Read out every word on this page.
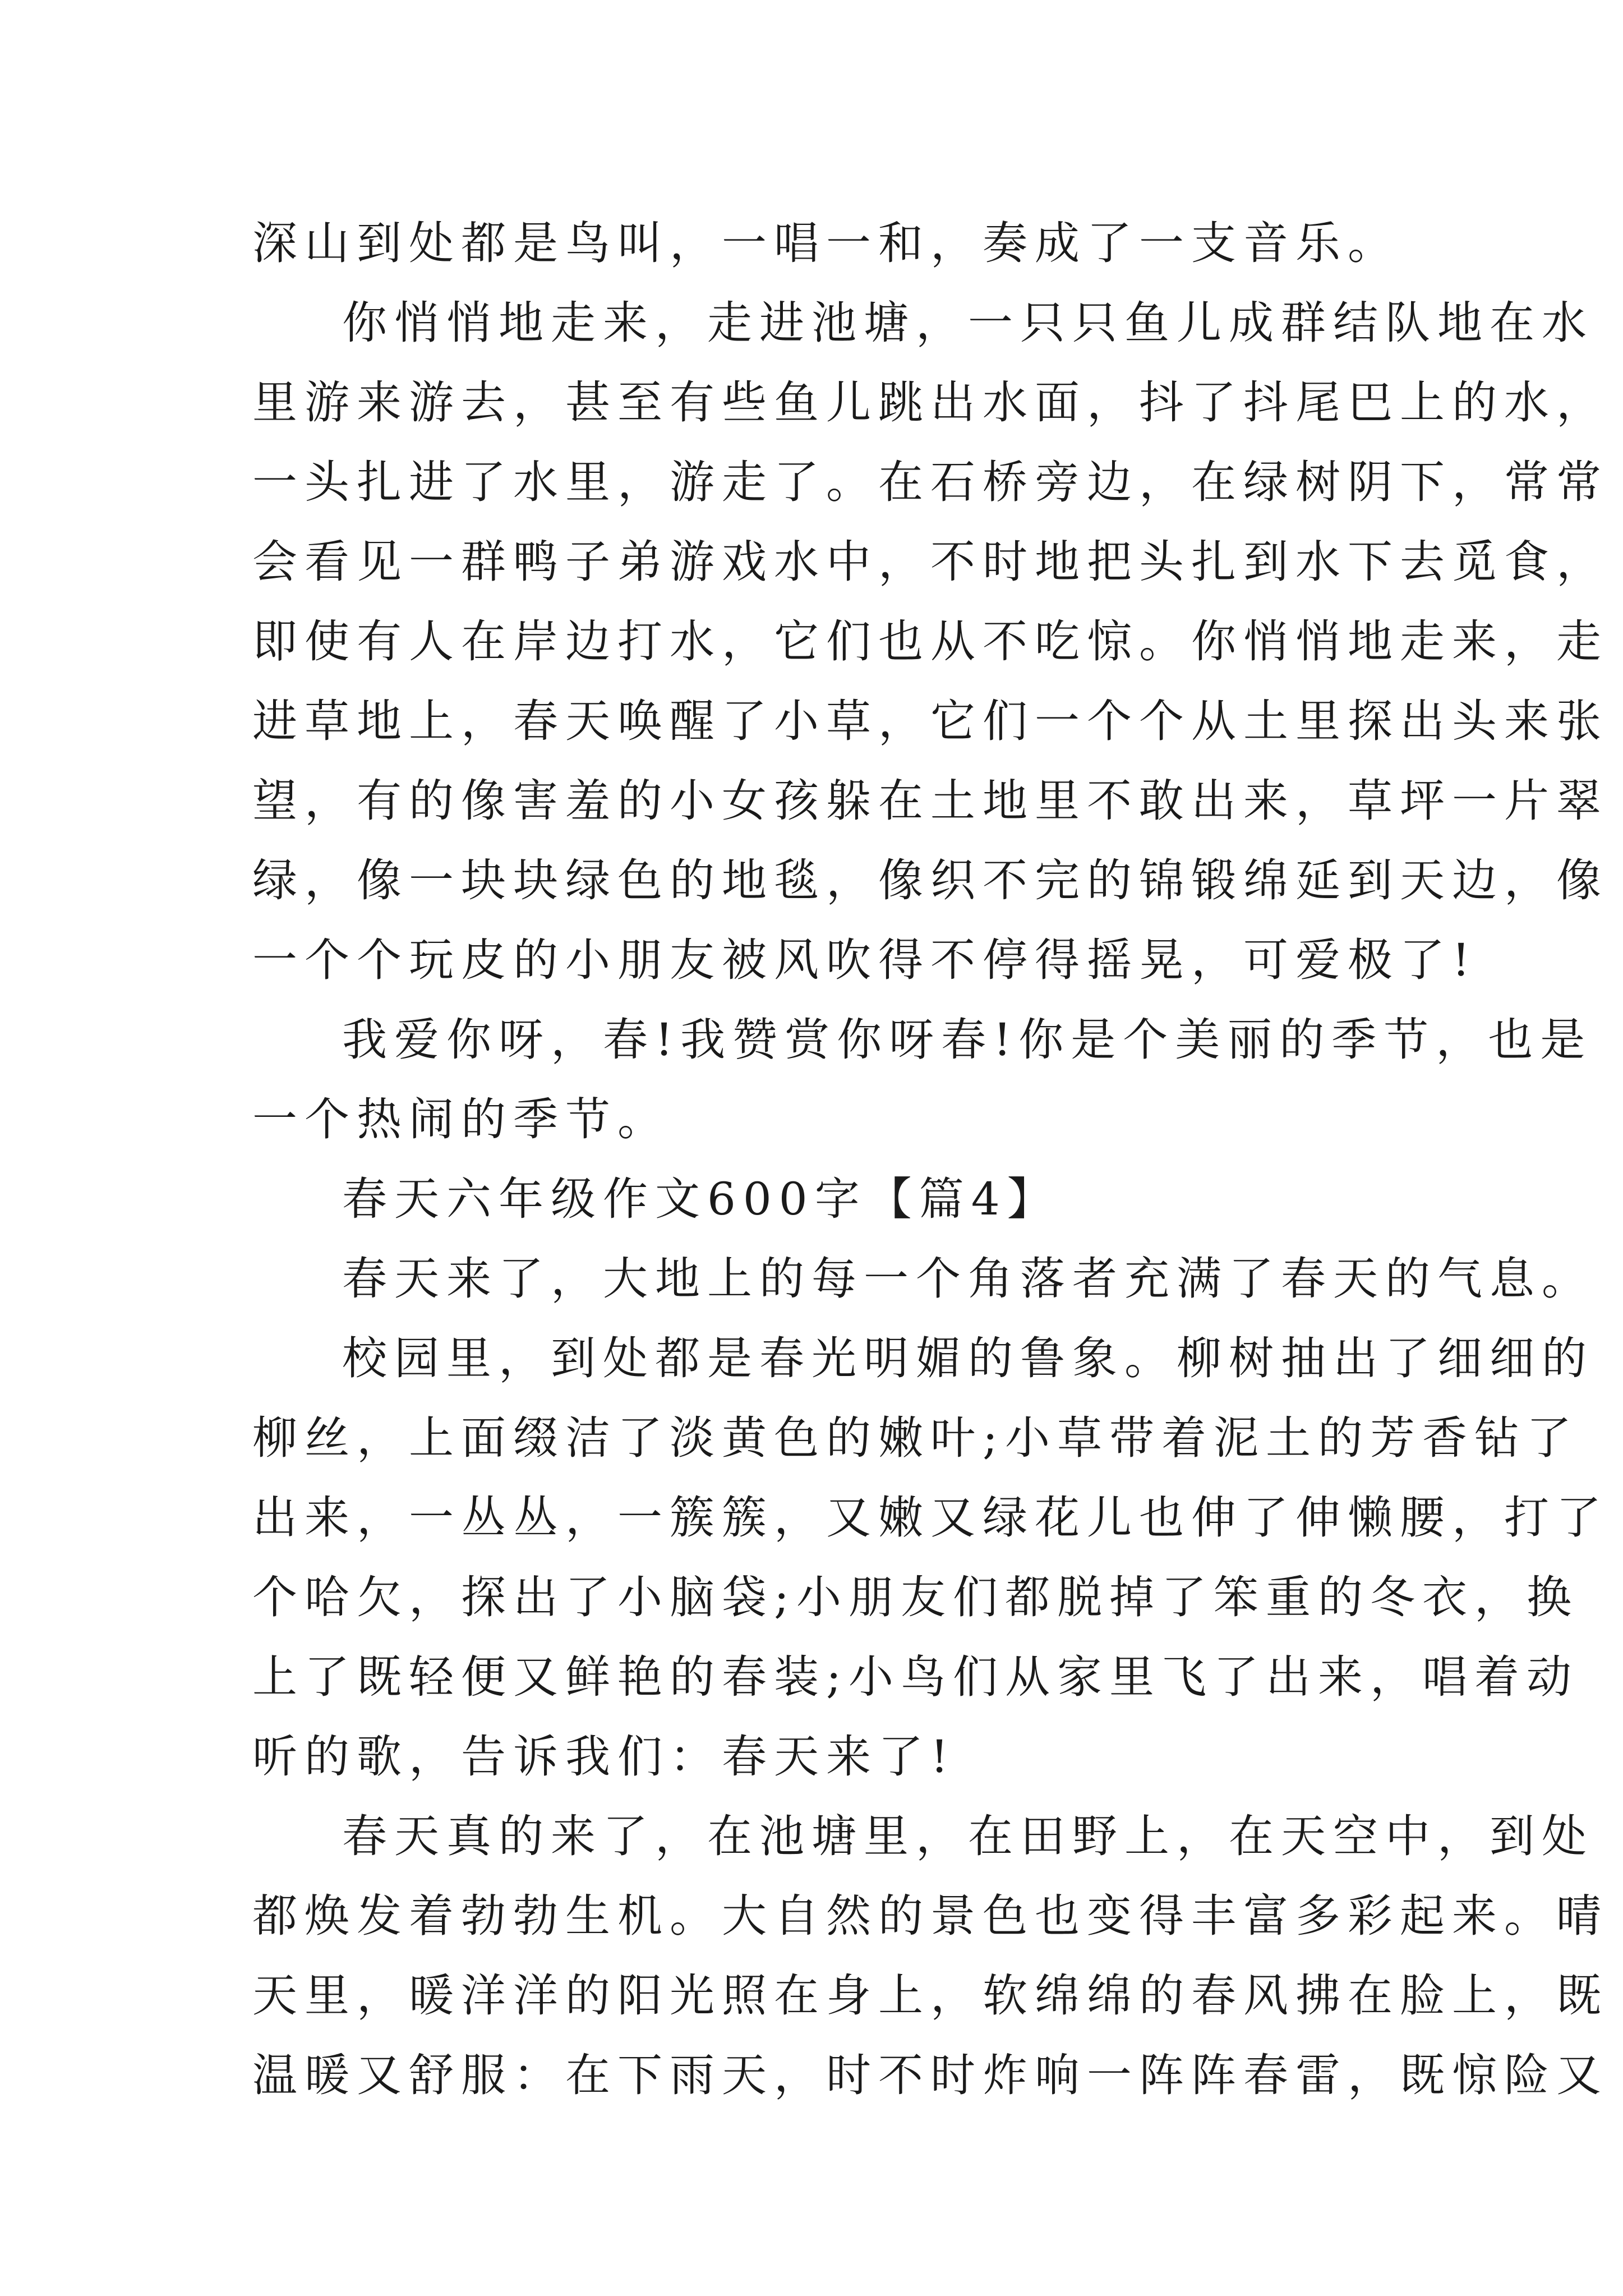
深山到处都是鸟叫，一唱一和，奏成了一支音乐。

你悄悄地走来，走进池塘，一只只鱼儿成群结队地在水

里游来游去，甚至有些鱼儿跳出水面，抖了抖尾巴上的水，

一头扎进了水里，游走了。在石桥旁边，在绿树阴下，常常

会看见一群鸭子弟游戏水中，不时地把头扎到水下去觅食，

即使有人在岸边打水，它们也从不吃惊。你悄悄地走来，走

进草地上，春天唤醒了小草，它们一个个从土里探出头来张

望，有的像害羞的小女孩躲在土地里不敢出来，草坪一片翠

绿，像一块块绿色的地毯，像织不完的锦锻绵延到天边，像

一个个玩皮的小朋友被风吹得不停得摇晃，可爱极了!

我爱你呀，春!我赞赏你呀春!你是个美丽的季节，也是

一个热闹的季节。

春天六年级作文600字【篇4】

春天来了，大地上的每一个角落者充满了春天的气息。

校园里，到处都是春光明媚的鲁象。柳树抽出了细细的

柳丝，上面缀洁了淡黄色的嫩叶;小草带着泥土的芳香钻了

出来，一丛丛，一簇簇，又嫩又绿花儿也伸了伸懒腰，打了

个哈欠，探出了小脑袋;小朋友们都脱掉了笨重的冬衣，换

上了既轻便又鲜艳的春装;小鸟们从家里飞了出来，唱着动

听的歌，告诉我们：春天来了!

春天真的来了，在池塘里，在田野上，在天空中，到处

都焕发着勃勃生机。大自然的景色也变得丰富多彩起来。晴

天里，暖洋洋的阳光照在身上，软绵绵的春风拂在脸上，既

温暖又舒服：在下雨天，时不时炸响一阵阵春雷，既惊险又
